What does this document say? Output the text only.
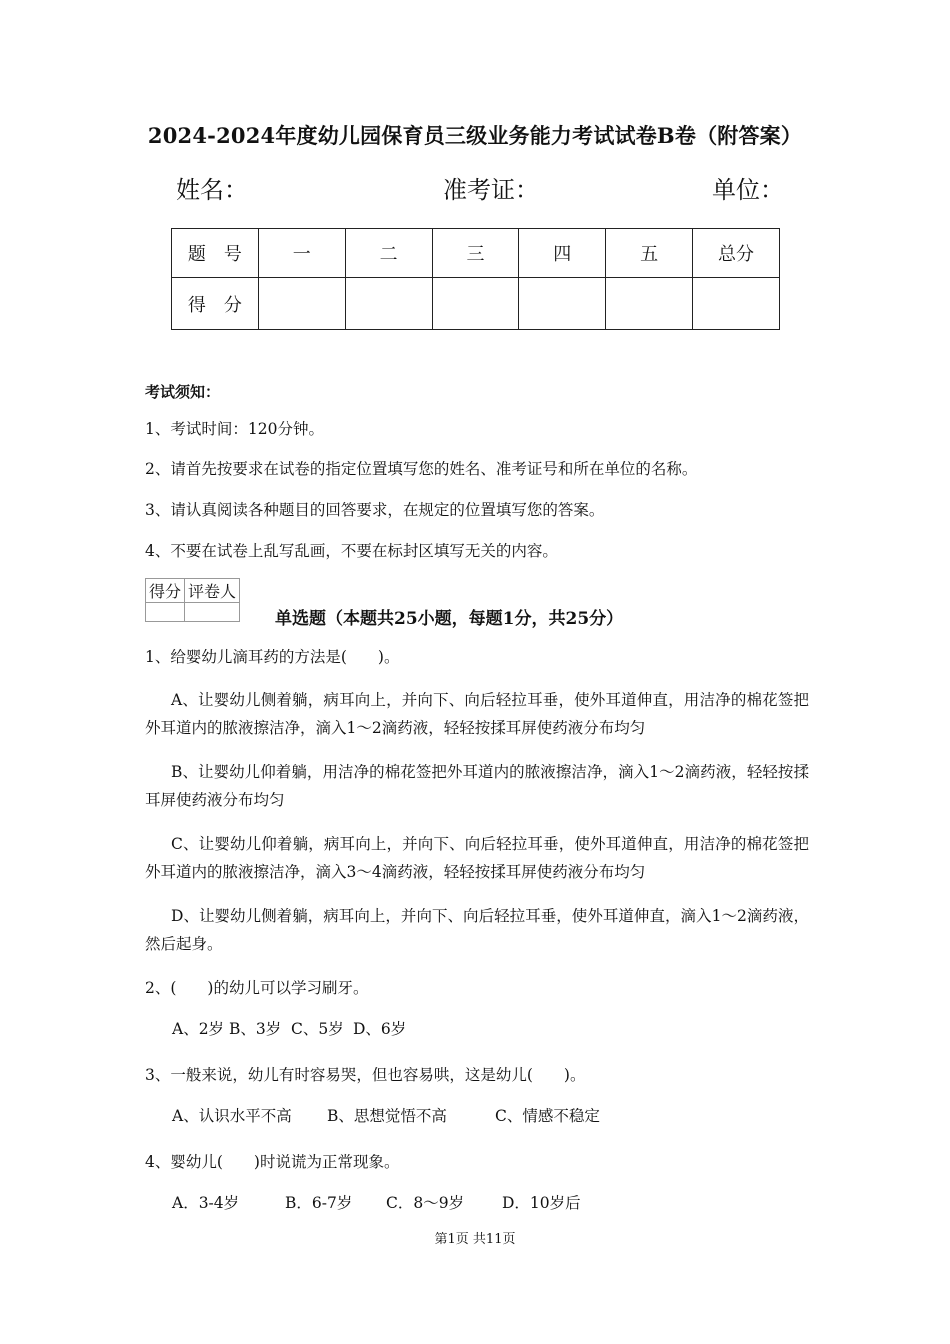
2024-2024年度幼儿园保育员三级业务能力考试试卷B卷（附答案）
姓名：	准考证：	单位：
题　号	一	二	三	四	五	总分
得　分						
考试须知：
1、考试时间：120分钟。
2、请首先按要求在试卷的指定位置填写您的姓名、准考证号和所在单位的名称。
3、请认真阅读各种题目的回答要求，在规定的位置填写您的答案。
4、不要在试卷上乱写乱画，不要在标封区填写无关的内容。
得分	评卷人

单选题（本题共25小题，每题1分，共25分）
1、给婴幼儿滴耳药的方法是(　　)。
A、让婴幼儿侧着躺，病耳向上，并向下、向后轻拉耳垂，使外耳道伸直，用洁净的棉花签把外耳道内的脓液擦洁净，滴入1～2滴药液，轻轻按揉耳屏使药液分布均匀
B、让婴幼儿仰着躺，用洁净的棉花签把外耳道内的脓液擦洁净，滴入1～2滴药液，轻轻按揉耳屏使药液分布均匀
C、让婴幼儿仰着躺，病耳向上，并向下、向后轻拉耳垂，使外耳道伸直，用洁净的棉花签把外耳道内的脓液擦洁净，滴入3～4滴药液，轻轻按揉耳屏使药液分布均匀
D、让婴幼儿侧着躺，病耳向上，并向下、向后轻拉耳垂，使外耳道伸直，滴入1～2滴药液，然后起身。
2、(　　)的幼儿可以学习刷牙。
A、2岁 B、3岁 C、5岁 D、6岁
3、一般来说，幼儿有时容易哭，但也容易哄，这是幼儿(　　)。
A、认识水平不高 B、思想觉悟不高	C、情感不稳定
4、婴幼儿(　　)时说谎为正常现象。
A．3-4岁	B．6-7岁 C．8～9岁 D．10岁后
第1页 共11页
